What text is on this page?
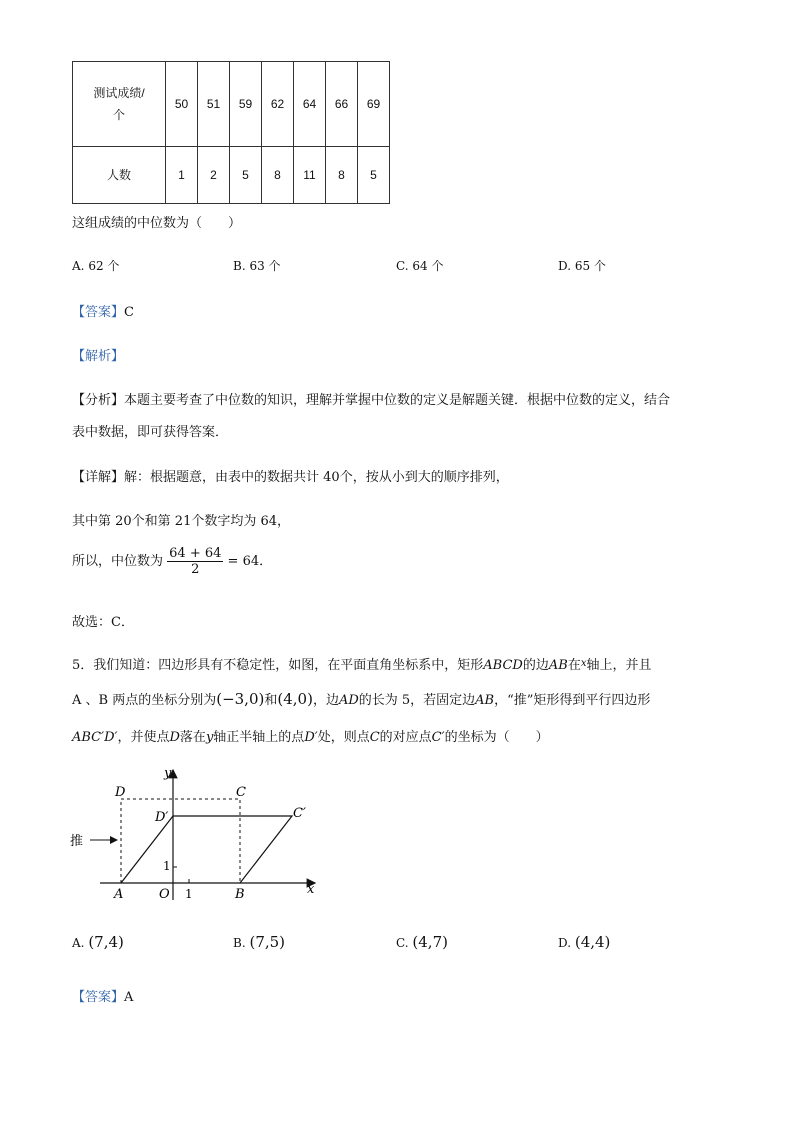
测试成绩/
个	50	51	59	62	64	66	69
人数	1	2	5	8	11	8	5
这组成绩的中位数为（　　）
A. 62 个	B. 63 个	C. 64 个	D. 65 个
【答案】C
【解析】
【分析】本题主要考查了中位数的知识，理解并掌握中位数的定义是解题关键．根据中位数的定义，结合
表中数据，即可获得答案．
【详解】解：根据题意，由表中的数据共计 40个，按从小到大的顺序排列，
其中第 20个和第 21个数字均为 64，
所以，中位数为 $\frac{64 + 64}{2} = 64$．
故选：C．
5．我们知道：四边形具有不稳定性，如图，在平面直角坐标系中，矩形ABCD的边AB在$^x$轴上，并且
A 、B 两点的坐标分别为(−3,0)和(4,0)，边AD的长为 5，若固定边AB，“推”矩形得到平行四边形
ABC′D′，并使点D落在y轴正半轴上的点D′处，则点C的对应点C′的坐标为（　　）
D	C
D′	C′
推
1
A	O 1	B	x
y
A. (7,4)	B. (7,5)	C. (4,7)	D. (4,4)
【答案】A
